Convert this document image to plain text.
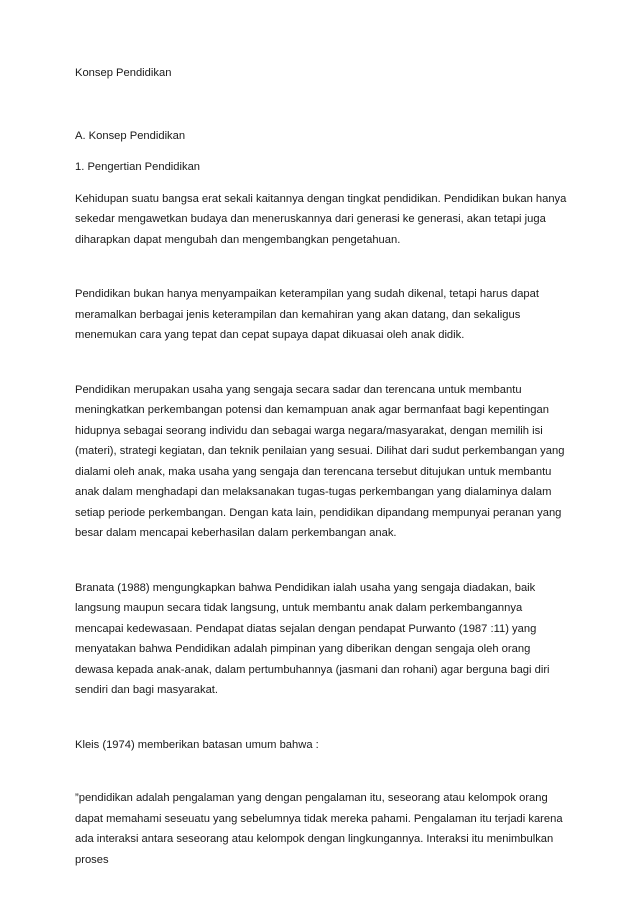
Konsep Pendidikan

A. Konsep Pendidikan

1. Pengertian Pendidikan

Kehidupan suatu bangsa erat sekali kaitannya dengan tingkat pendidikan. Pendidikan bukan hanya sekedar mengawetkan budaya dan meneruskannya dari generasi ke generasi, akan tetapi juga diharapkan dapat mengubah dan mengembangkan pengetahuan.

Pendidikan bukan hanya menyampaikan keterampilan yang sudah dikenal, tetapi harus dapat meramalkan berbagai jenis keterampilan dan kemahiran yang akan datang, dan sekaligus menemukan cara yang tepat dan cepat supaya dapat dikuasai oleh anak didik.

Pendidikan merupakan usaha yang sengaja secara sadar dan terencana untuk membantu meningkatkan perkembangan potensi dan kemampuan anak agar bermanfaat bagi kepentingan hidupnya sebagai seorang individu dan sebagai warga negara/masyarakat, dengan memilih isi (materi), strategi kegiatan, dan teknik penilaian yang sesuai. Dilihat dari sudut perkembangan yang dialami oleh anak, maka usaha yang sengaja dan terencana tersebut ditujukan untuk membantu anak dalam menghadapi dan melaksanakan tugas-tugas perkembangan yang dialaminya dalam setiap periode perkembangan. Dengan kata lain, pendidikan dipandang mempunyai peranan yang besar dalam mencapai keberhasilan dalam perkembangan anak.

Branata (1988) mengungkapkan bahwa Pendidikan ialah usaha yang sengaja diadakan, baik langsung maupun secara tidak langsung, untuk membantu anak dalam perkembangannya mencapai kedewasaan. Pendapat diatas sejalan dengan pendapat Purwanto (1987 :11) yang menyatakan bahwa Pendidikan adalah pimpinan yang diberikan dengan sengaja oleh orang dewasa kepada anak-anak, dalam pertumbuhannya (jasmani dan rohani) agar berguna bagi diri sendiri dan bagi masyarakat.

Kleis (1974) memberikan batasan umum bahwa :

”pendidikan adalah pengalaman yang dengan pengalaman itu, seseorang atau kelompok orang dapat memahami seseuatu yang sebelumnya tidak mereka pahami. Pengalaman itu terjadi karena ada interaksi antara seseorang atau kelompok dengan lingkungannya. Interaksi itu menimbulkan proses
